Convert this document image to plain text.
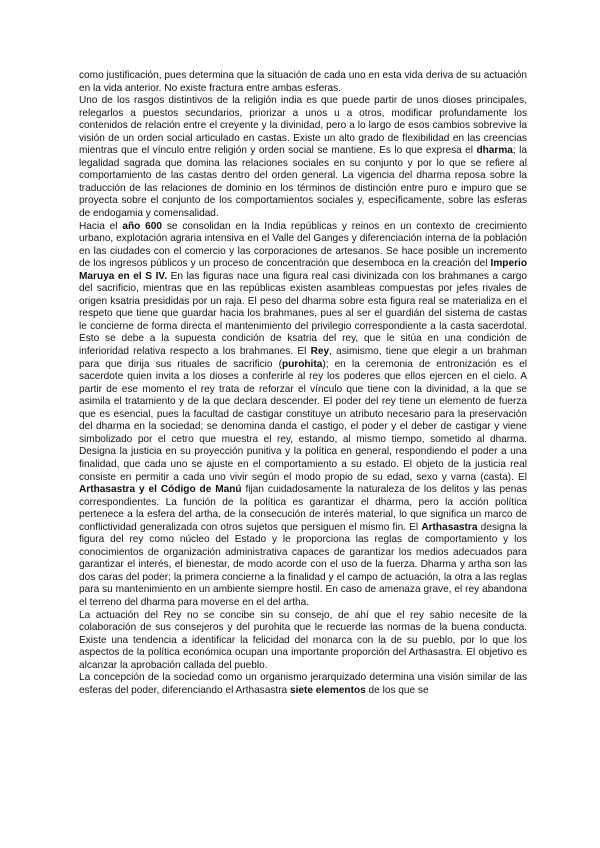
como justificación, pues determina que la situación de cada uno en esta vida deriva de su actuación en la vida anterior. No existe fractura entre ambas esferas.

Uno de los rasgos distintivos de la religión india es que puede partir de unos dioses principales, relegarlos a puestos secundarios, priorizar a unos u a otros, modificar profundamente los contenidos de relación entre el creyente y la divinidad, pero a lo largo de esos cambios sobrevive la visión de un orden social articulado en castas. Existe un alto grado de flexibilidad en las creencias mientras que el vínculo entre religión y orden social se mantiene. Es lo que expresa el dharma; la legalidad sagrada que domina las relaciones sociales en su conjunto y por lo que se refiere al comportamiento de las castas dentro del orden general. La vigencia del dharma reposa sobre la traducción de las relaciones de dominio en los términos de distinción entre puro e impuro que se proyecta sobre el conjunto de los comportamientos sociales y, específicamente, sobre las esferas de endogamia y comensalidad.

Hacia el año 600 se consolidan en la India repúblicas y reinos en un contexto de crecimiento urbano, explotación agraria intensiva en el Valle del Ganges y diferenciación interna de la población en las ciudades con el comercio y las corporaciones de artesanos. Se hace posible un incremento de los ingresos públicos y un proceso de concentración que desemboca en la creación del Imperio Maruya en el S IV. En las figuras nace una figura real casi divinizada con los brahmanes a cargo del sacrificio, mientras que en las repúblicas existen asambleas compuestas por jefes rivales de origen ksatria presididas por un raja. El peso del dharma sobre esta figura real se materializa en el respeto que tiene que guardar hacia los brahmanes, pues al ser el guardián del sistema de castas le concierne de forma directa el mantenimiento del privilegio correspondiente a la casta sacerdotal. Esto se debe a la supuesta condición de ksatria del rey, que le sitúa en una condición de inferioridad relativa respecto a los brahmanes. El Rey, asimismo, tiene que elegir a un brahman para que dirija sus rituales de sacrificio (purohita); en la ceremonia de entronización es el sacerdote quien invita a los dioses a conferirle al rey los poderes que ellos ejercen en el cielo. A partir de ese momento el rey trata de reforzar el vínculo que tiene con la divinidad, a la que se asimila el tratamiento y de la que declara descender. El poder del rey tiene un elemento de fuerza que es esencial, pues la facultad de castigar constituye un atributo necesario para la preservación del dharma en la sociedad; se denomina danda el castigo, el poder y el deber de castigar y viene simbolizado por el cetro que muestra el rey, estando, al mismo tiempo, sometido al dharma. Designa la justicia en su proyección punitiva y la política en general, respondiendo el poder a una finalidad, que cada uno se ajuste en el comportamiento a su estado. El objeto de la justicia real consiste en permitir a cada uno vivir según el modo propio de su edad, sexo y varna (casta). El Arthasastra y el Código de Manú fijan cuidadosamente la naturaleza de los delitos y las penas correspondientes. La función de la política es garantizar el dharma, pero la acción política pertenece a la esfera del artha, de la consecución de interés material, lo que significa un marco de conflictividad generalizada con otros sujetos que persiguen el mismo fin. El Arthasastra designa la figura del rey como núcleo del Estado y le proporciona las reglas de comportamiento y los conocimientos de organización administrativa capaces de garantizar los medios adecuados para garantizar el interés, el bienestar, de modo acorde con el uso de la fuerza. Dharma y artha son las dos caras del poder; la primera concierne a la finalidad y el campo de actuación, la otra a las reglas para su mantenimiento en un ambiente siempre hostil. En caso de amenaza grave, el rey abandona el terreno del dharma para moverse en el del artha.

La actuación del Rey no se concibe sin su consejo, de ahí que el rey sabio necesite de la colaboración de sus consejeros y del purohita que le recuerde las normas de la buena conducta. Existe una tendencia a identificar la felicidad del monarca con la de su pueblo, por lo que los aspectos de la política económica ocupan una importante proporción del Arthasastra. El objetivo es alcanzar la aprobación callada del pueblo.

La concepción de la sociedad como un organismo jerarquizado determina una visión similar de las esferas del poder, diferenciando el Arthasastra siete elementos de los que se
